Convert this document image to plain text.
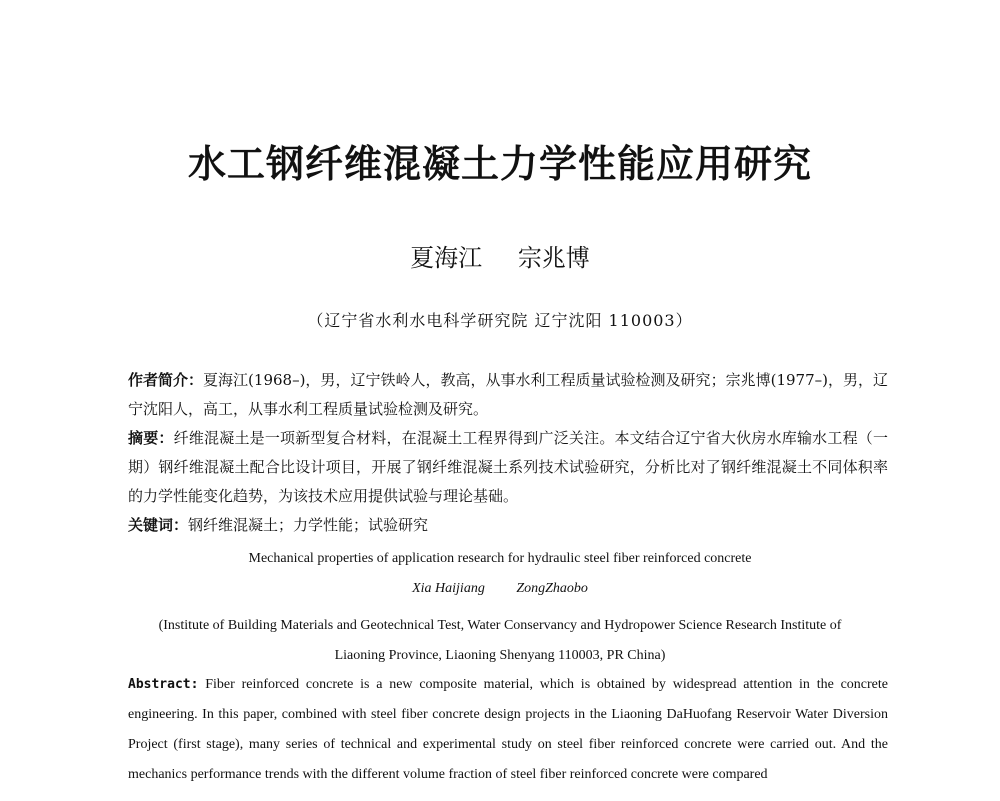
水工钢纤维混凝土力学性能应用研究
夏海江 宗兆博
（辽宁省水利水电科学研究院 辽宁沈阳 110003）

作者简介：夏海江(1968–)，男，辽宁铁岭人，教高，从事水利工程质量试验检测及研究；宗兆博(1977–)，男，辽宁沈阳人，高工，从事水利工程质量试验检测及研究。

摘要：纤维混凝土是一项新型复合材料，在混凝土工程界得到广泛关注。本文结合辽宁省大伙房水库输水工程（一期）钢纤维混凝土配合比设计项目，开展了钢纤维混凝土系列技术试验研究，分析比对了钢纤维混凝土不同体积率的力学性能变化趋势，为该技术应用提供试验与理论基础。

关键词：钢纤维混凝土；力学性能；试验研究

Mechanical properties of application research for hydraulic steel fiber reinforced concrete
Xia Haijiang ZongZhaobo
(Institute of Building Materials and Geotechnical Test, Water Conservancy and Hydropower Science Research Institute of
Liaoning Province, Liaoning Shenyang 110003, PR China)
Abstract: Fiber reinforced concrete is a new composite material, which is obtained by widespread attention in the concrete engineering. In this paper, combined with steel fiber concrete design projects in the Liaoning DaHuofang Reservoir Water Diversion Project (first stage), many series of technical and experimental study on steel fiber reinforced concrete were carried out. And the mechanics performance trends with the different volume fraction of steel fiber reinforced concrete were compared
